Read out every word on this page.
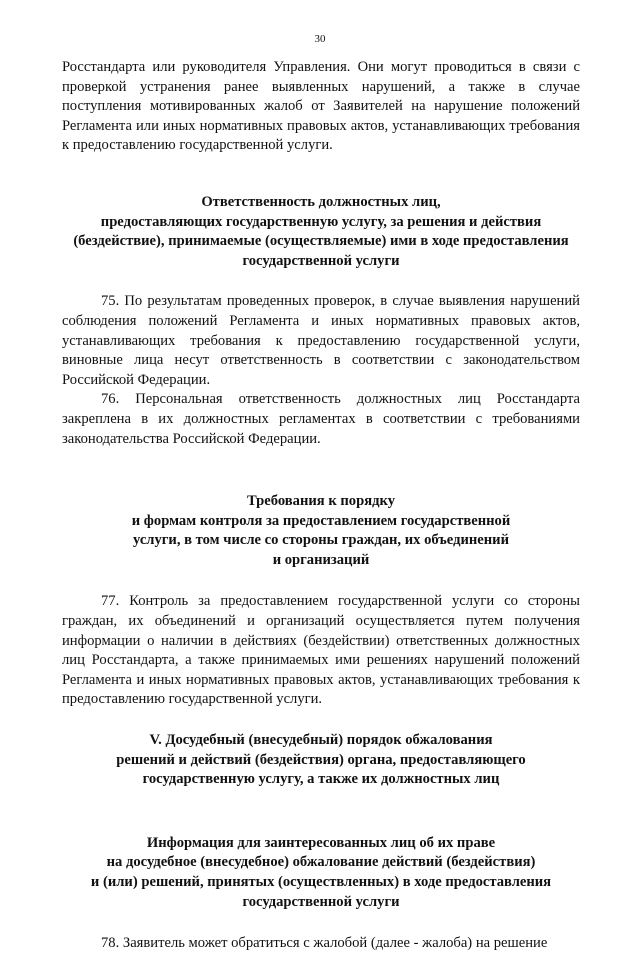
30

Росстандарта или руководителя Управления. Они могут проводиться в связи с проверкой устранения ранее выявленных нарушений, а также в случае поступления мотивированных жалоб от Заявителей на нарушение положений Регламента или иных нормативных правовых актов, устанавливающих требования к предоставлению государственной услуги.

Ответственность должностных лиц,
предоставляющих государственную услугу, за решения и действия
(бездействие), принимаемые (осуществляемые) ими в ходе предоставления
государственной услуги

75. По результатам проведенных проверок, в случае выявления нарушений соблюдения положений Регламента и иных нормативных правовых актов, устанавливающих требования к предоставлению государственной услуги, виновные лица несут ответственность в соответствии с законодательством Российской Федерации.

76. Персональная ответственность должностных лиц Росстандарта закреплена в их должностных регламентах в соответствии с требованиями законодательства Российской Федерации.

Требования к порядку
и формам контроля за предоставлением государственной
услуги, в том числе со стороны граждан, их объединений
и организаций

77. Контроль за предоставлением государственной услуги со стороны граждан, их объединений и организаций осуществляется путем получения информации о наличии в действиях (бездействии) ответственных должностных лиц Росстандарта, а также принимаемых ими решениях нарушений положений Регламента и иных нормативных правовых актов, устанавливающих требования к предоставлению государственной услуги.

V. Досудебный (внесудебный) порядок обжалования
решений и действий (бездействия) органа, предоставляющего
государственную услугу, а также их должностных лиц
Информация для заинтересованных лиц об их праве
на досудебное (внесудебное) обжалование действий (бездействия)
и (или) решений, принятых (осуществленных) в ходе предоставления
государственной услуги

78. Заявитель может обратиться с жалобой (далее - жалоба) на решение
